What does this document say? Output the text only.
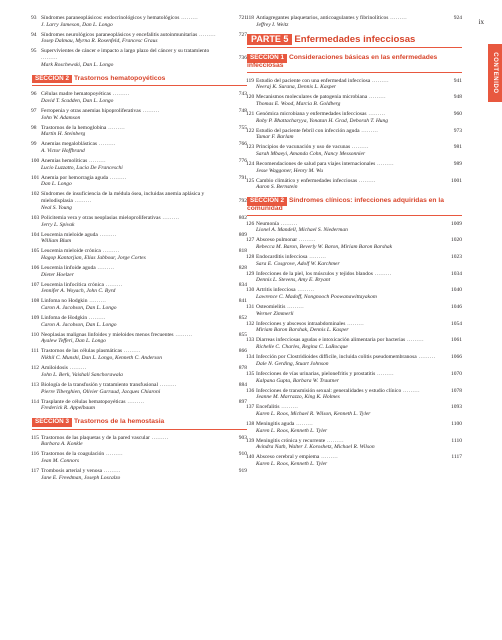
ix
CONTENIDO
93 Síndromes paraneoplásicos: endocrinológicos y hematológicos .........	721
J. Larry Jameson, Dan L. Longo
94 Síndromes neurológicos paraneoplásicos y encefalitis autoinmunitarias .........	727
Josep Dalmau, Myrna R. Rosenfeld, Francesc Graus
95 Supervivientes de cáncer e impacto a largo plazo del cáncer y su tratamiento .........	736
Mark Roschewski, Dan L. Longo
SECCIÓN 2 Trastornos hematopoyéticos
96 Células madre hematopoyéticas .........	743
David T. Scadden, Dan L. Longo
97 Ferropenia y otras anemias hipoproliferativas .........	748
John W. Adamson
98 Trastornos de la hemoglobina .........	755
Martin H. Steinberg
99 Anemias megaloblásticas .........	766
A. Victor Hoffbrand
100 Anemias hemolíticas .........	776
Lucio Luzzatto, Lucia De Franceschi
101 Anemia por hemorragia aguda .........	791
Dan L. Longo
102 Síndromes de insuficiencia de la médula ósea, incluidas anemia aplásica y mielodisplasia .........	792
Neal S. Young
103 Policitemia vera y otras neoplasias mieloproliferativas .........	802
Jerry L. Spivak
104 Leucemia mieloide aguda .........	809
William Blum
105 Leucemia mieloide crónica .........	818
Hagop Kantarjian, Elias Jabbour, Jorge Cortes
106 Leucemia linfoide aguda .........	828
Dieter Hoelzer
107 Leucemia linfocítica crónica .........	834
Jennifer A. Woyach, John C. Byrd
108 Linfoma no Hodgkin .........	841
Caron A. Jacobson, Dan L. Longo
109 Linfoma de Hodgkin .........	852
Caron A. Jacobson, Dan L. Longo
110 Neoplasias malignas linfoides y mieloides menos frecuentes .........	855
Ayalew Tefferi, Dan L. Longo
111 Trastornos de las células plasmáticas .........	866
Nikhil C. Munshi, Dan L. Longo, Kenneth C. Anderson
112 Amiloidosis .........	878
John L. Berk, Vaishali Sanchorawala
113 Biología de la transfusión y tratamiento transfusional .........	884
Pierre Tiberghien, Olivier Garraud, Jacques Chiaroni
114 Trasplante de células hematopoyéticas .........	897
Frederick R. Appelbaum
SECCIÓN 3 Trastornos de la hemostasia
115 Trastornos de las plaquetas y de la pared vascular .........	903
Barbara A. Konkle
116 Trastornos de la coagulación .........	910
Jean M. Connors
117 Trombosis arterial y venosa .........	919
Jane E. Freedman, Joseph Loscalzo
118 Antiagregantes plaquetarios, anticoagulantes y fibrinolíticos .........	924
Jeffrey I. Weitz
PARTE 5 Enfermedades infecciosas
SECCIÓN 1 Consideraciones básicas en las enfermedades infecciosas
119 Estudio del paciente con una enfermedad infecciosa .........	941
Neeraj K. Surana, Dennis L. Kasper
120 Mecanismos moleculares de patogenia microbiana .........	948
Thomas E. Wood, Marcia B. Goldberg
121 Genómica microbiana y enfermedades infecciosas .........	960
Roby P. Bhattacharyya, Yonatan H. Grad, Deborah T. Hung
122 Estudio del paciente febril con infección aguda .........	973
Tamar F. Barlam
123 Principios de vacunación y uso de vacunas .........	981
Sarah Mbaeyi, Amanda Cohn, Nancy Messonnier
124 Recomendaciones de salud para viajes internacionales .........	989
Jesse Waggoner, Henry M. Wu
125 Cambio climático y enfermedades infecciosas .........	1001
Aaron S. Bernstein
SECCIÓN 2 Síndromes clínicos: infecciones adquiridas en la comunidad
126 Neumonía .........	1009
Lionel A. Mandell, Michael S. Niederman
127 Absceso pulmonar .........	1020
Rebecca M. Baron, Beverly W. Baron, Miriam Baron Barshak
128 Endocarditis infecciosa .........	1023
Sara E. Cosgrove, Adolf W. Karchmer
129 Infecciones de la piel, los músculos y tejidos blandos .........	1034
Dennis L. Stevens, Amy E. Bryant
130 Artritis infecciosa .........	1040
Lawrence C. Madoff, Nongnooch Poowanawittayakom
131 Osteomielitis .........	1046
Werner Zimmerli
132 Infecciones y abscesos intraabdominales .........	1054
Miriam Baron Barshak, Dennis L. Kasper
133 Diarreas infecciosas agudas e intoxicación alimentaria por bacterias .........	1061
Richelle C. Charles, Regina C. LaRocque
134 Infección por Clostridioides difficile, incluida colitis pseudomembranosa .........	1066
Dale N. Gerding, Stuart Johnson
135 Infecciones de vías urinarias, pielonefritis y prostatitis .........	1070
Kalpana Gupta, Barbara W. Trautner
136 Infecciones de transmisión sexual: generalidades y estudio clínico .........	1078
Jeanne M. Marrazzo, King K. Holmes
137 Encefalitis .........	1093
Karen L. Roos, Michael R. Wilson, Kenneth L. Tyler
138 Meningitis aguda .........	1100
Karen L. Roos, Kenneth L. Tyler
139 Meningitis crónica y recurrente .........	1110
Avindra Nath, Walter J. Koroshetz, Michael R. Wilson
140 Absceso cerebral y empiema .........	1117
Karen L. Roos, Kenneth L. Tyler
